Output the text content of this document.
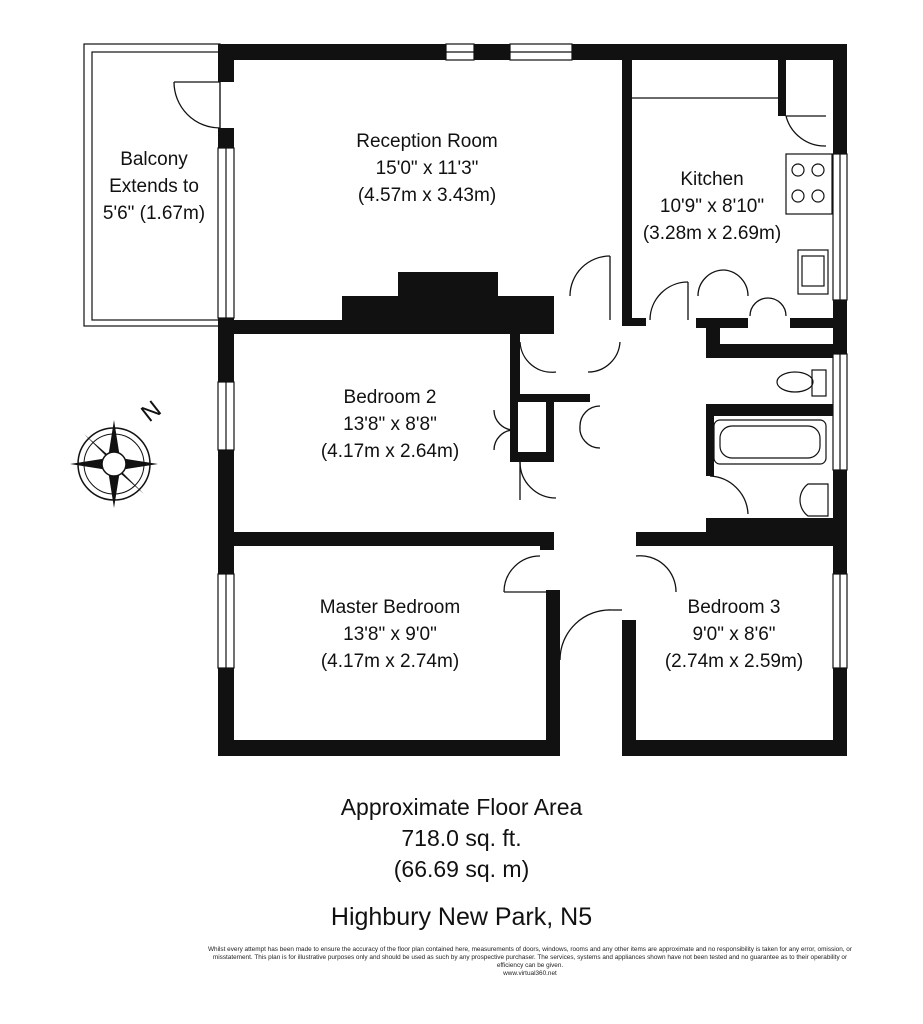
N
Balcony
Extends to
5'6" (1.67m)
Reception Room
15'0" x 11'3"
(4.57m x 3.43m)
Kitchen
10'9" x 8'10"
(3.28m x 2.69m)
Bedroom 2
13'8" x 8'8"
(4.17m x 2.64m)
Master Bedroom
13'8" x 9'0"
(4.17m x 2.74m)
Bedroom 3
9'0" x 8'6"
(2.74m x 2.59m)
Approximate Floor Area
718.0 sq. ft.
(66.69 sq. m)
Highbury New Park, N5
Whilst every attempt has been made to ensure the accuracy of the floor plan contained here, measurements of doors, windows, rooms and any other items are approximate and no responsibility is taken for any error, omission, or misstatement. This plan is for illustrative purposes only and should be used as such by any prospective purchaser. The services, systems and appliances shown have not been tested and no guarantee as to their operability or efficiency can be given.
www.virtual360.net
